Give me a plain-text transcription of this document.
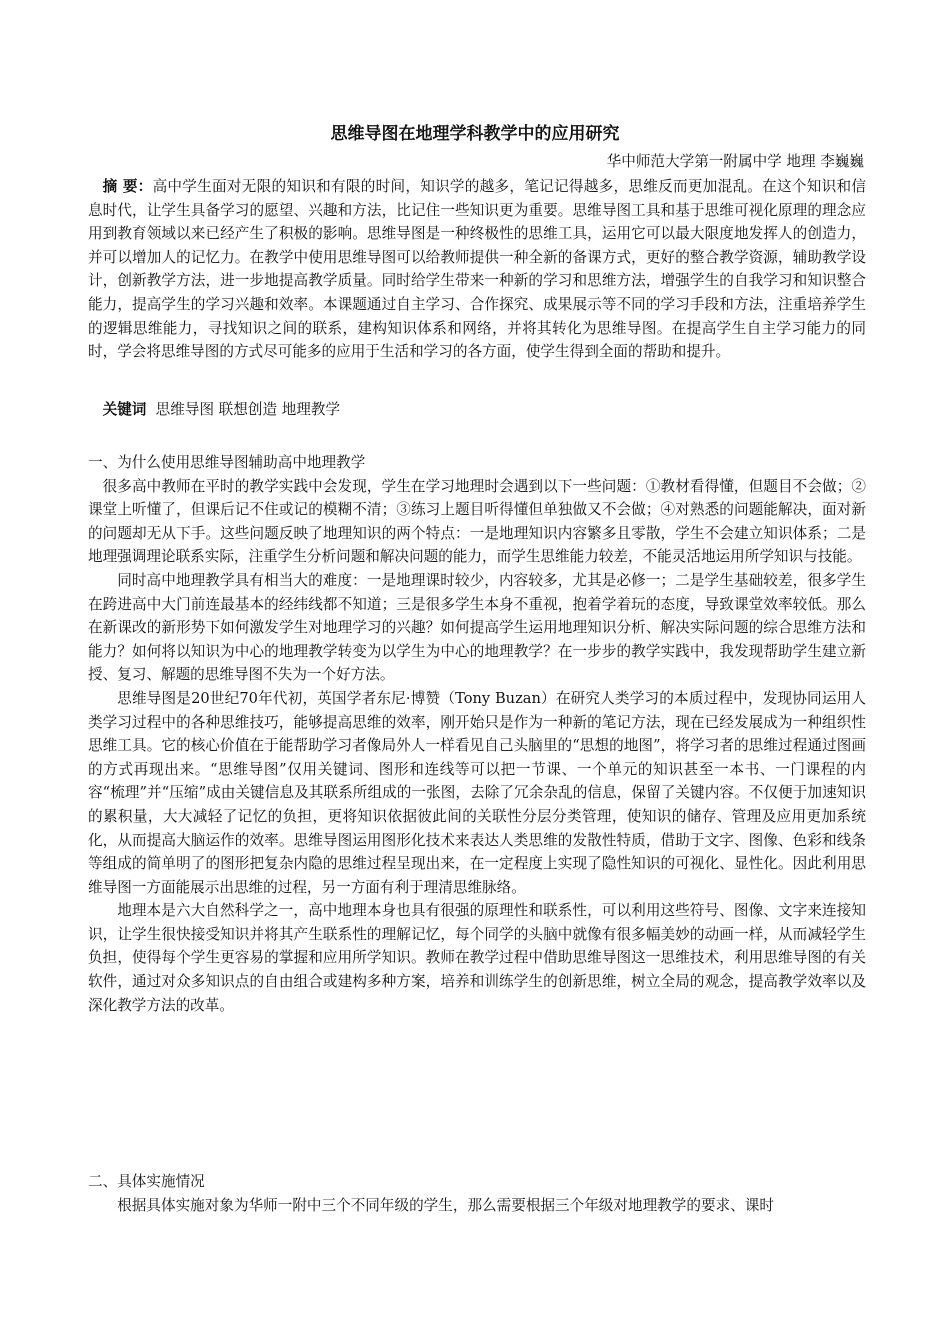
思维导图在地理学科教学中的应用研究
华中师范大学第一附属中学 地理 李巍巍

摘 要：高中学生面对无限的知识和有限的时间，知识学的越多，笔记记得越多，思维反而更加混乱。在这个知识和信息时代，让学生具备学习的愿望、兴趣和方法，比记住一些知识更为重要。思维导图工具和基于思维可视化原理的理念应用到教育领域以来已经产生了积极的影响。思维导图是一种终极性的思维工具，运用它可以最大限度地发挥人的创造力，并可以增加人的记忆力。在教学中使用思维导图可以给教师提供一种全新的备课方式，更好的整合教学资源，辅助教学设计，创新教学方法，进一步地提高教学质量。同时给学生带来一种新的学习和思维方法，增强学生的自我学习和知识整合能力，提高学生的学习兴趣和效率。本课题通过自主学习、合作探究、成果展示等不同的学习手段和方法，注重培养学生的逻辑思维能力，寻找知识之间的联系，建构知识体系和网络，并将其转化为思维导图。在提高学生自主学习能力的同时，学会将思维导图的方式尽可能多的应用于生活和学习的各方面，使学生得到全面的帮助和提升。

关键词 思维导图 联想创造 地理教学

一、为什么使用思维导图辅助高中地理教学

很多高中教师在平时的教学实践中会发现，学生在学习地理时会遇到以下一些问题：①教材看得懂，但题目不会做；②课堂上听懂了，但课后记不住或记的模糊不清；③练习上题目听得懂但单独做又不会做；④对熟悉的问题能解决，面对新的问题却无从下手。这些问题反映了地理知识的两个特点：一是地理知识内容繁多且零散，学生不会建立知识体系；二是地理强调理论联系实际，注重学生分析问题和解决问题的能力，而学生思维能力较差，不能灵活地运用所学知识与技能。

同时高中地理教学具有相当大的难度：一是地理课时较少，内容较多，尤其是必修一；二是学生基础较差，很多学生在跨进高中大门前连最基本的经纬线都不知道；三是很多学生本身不重视，抱着学着玩的态度，导致课堂效率较低。那么在新课改的新形势下如何激发学生对地理学习的兴趣？如何提高学生运用地理知识分析、解决实际问题的综合思维方法和能力？如何将以知识为中心的地理教学转变为以学生为中心的地理教学？在一步步的教学实践中，我发现帮助学生建立新授、复习、解题的思维导图不失为一个好方法。

思维导图是20世纪70年代初，英国学者东尼·博赞（Tony Buzan）在研究人类学习的本质过程中，发现协同运用人类学习过程中的各种思维技巧，能够提高思维的效率，刚开始只是作为一种新的笔记方法，现在已经发展成为一种组织性思维工具。它的核心价值在于能帮助学习者像局外人一样看见自己头脑里的“思想的地图”，将学习者的思维过程通过图画的方式再现出来。“思维导图”仅用关键词、图形和连线等可以把一节课、一个单元的知识甚至一本书、一门课程的内容“梳理”并“压缩”成由关键信息及其联系所组成的一张图，去除了冗余杂乱的信息，保留了关键内容。不仅便于加速知识的累积量，大大减轻了记忆的负担，更将知识依据彼此间的关联性分层分类管理，使知识的储存、管理及应用更加系统化，从而提高大脑运作的效率。思维导图运用图形化技术来表达人类思维的发散性特质，借助于文字、图像、色彩和线条等组成的简单明了的图形把复杂内隐的思维过程呈现出来，在一定程度上实现了隐性知识的可视化、显性化。因此利用思维导图一方面能展示出思维的过程，另一方面有利于理清思维脉络。

地理本是六大自然科学之一，高中地理本身也具有很强的原理性和联系性，可以利用这些符号、图像、文字来连接知识，让学生很快接受知识并将其产生联系性的理解记忆，每个同学的头脑中就像有很多幅美妙的动画一样，从而减轻学生负担，使得每个学生更容易的掌握和应用所学知识。教师在教学过程中借助思维导图这一思维技术，利用思维导图的有关软件，通过对众多知识点的自由组合或建构多种方案，培养和训练学生的创新思维，树立全局的观念，提高教学效率以及深化教学方法的改革。

二、具体实施情况

根据具体实施对象为华师一附中三个不同年级的学生，那么需要根据三个年级对地理教学的要求、课时
